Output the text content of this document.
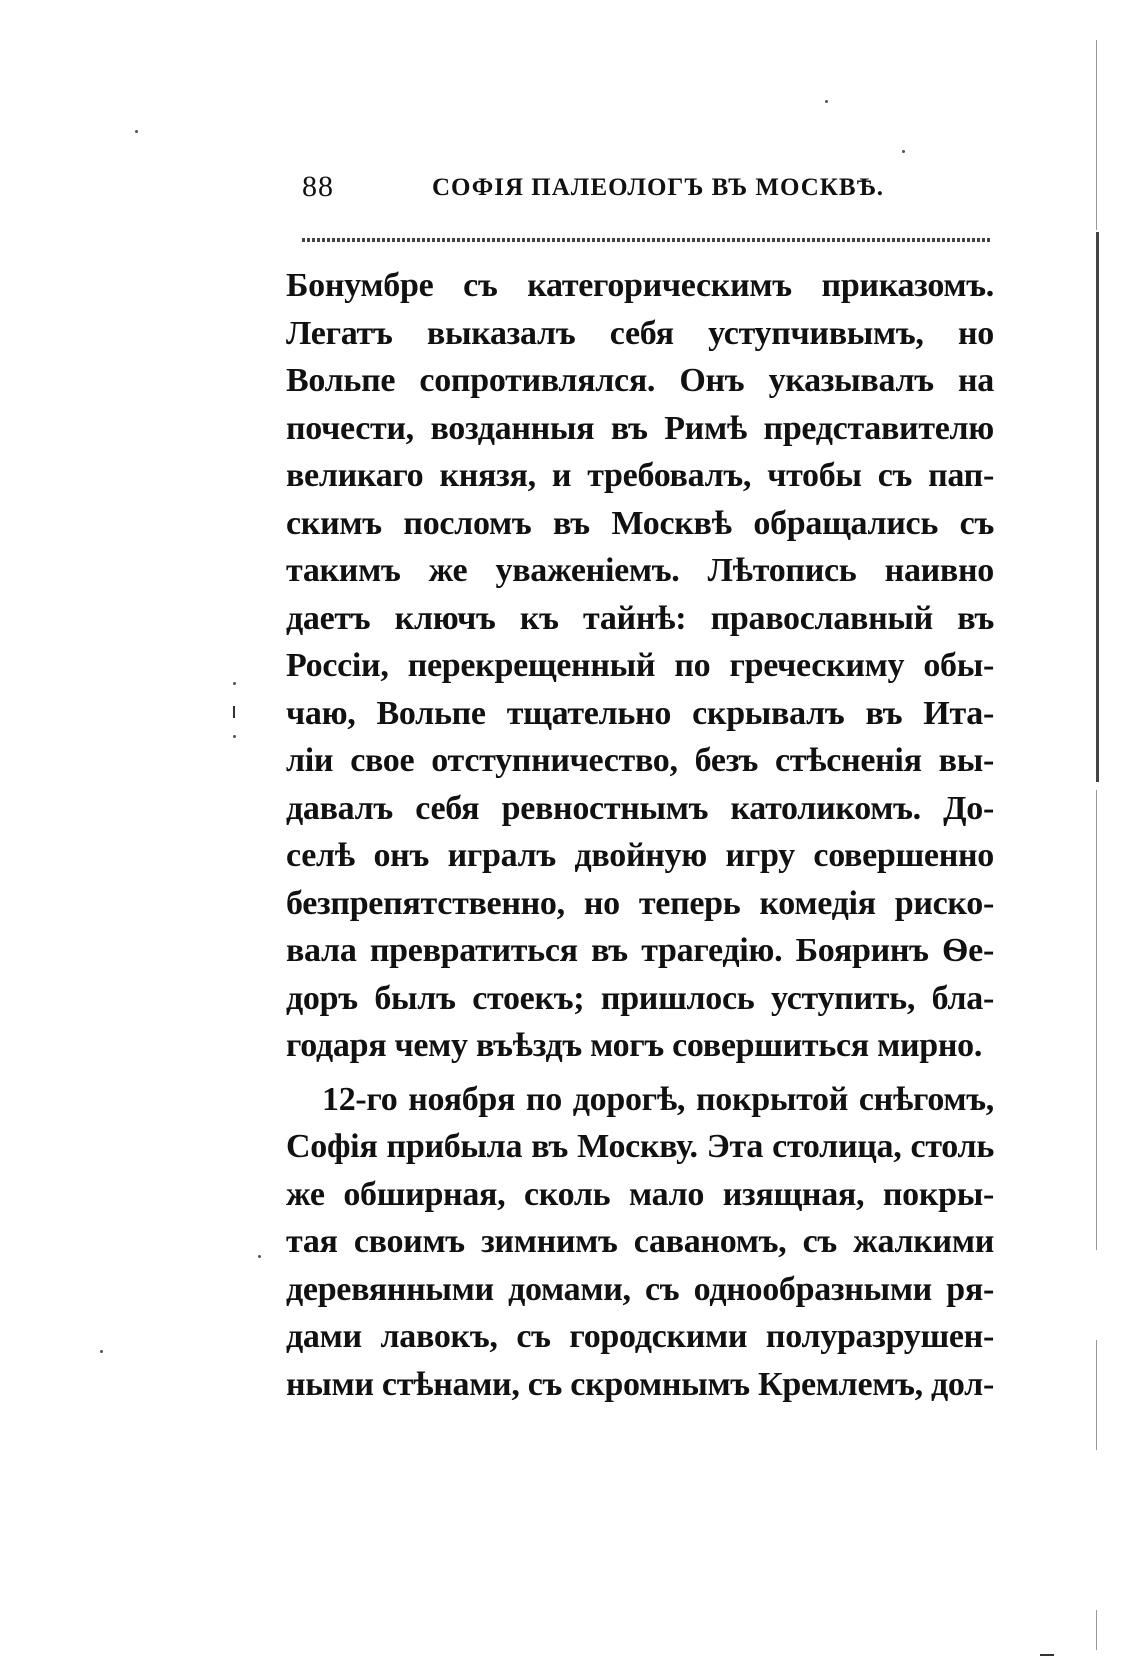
88	СОФІЯ ПАЛЕОЛОГЪ ВЪ МОСКВѢ.
Бонумбре съ категорическимъ приказомъ.
Легатъ выказалъ себя уступчивымъ, но
Вольпе сопротивлялся. Онъ указывалъ на
почести, возданныя въ Римѣ представителю
великаго князя, и требовалъ, чтобы съ пап-
скимъ посломъ въ Москвѣ обращались съ
такимъ же уваженіемъ. Лѣтопись наивно
даетъ ключъ къ тайнѣ: православный въ
Россіи, перекрещенный по греческиму обы-
чаю, Вольпе тщательно скрывалъ въ Ита-
ліи свое отступничество, безъ стѣсненія вы-
давалъ себя ревностнымъ католикомъ. До-
селѣ онъ игралъ двойную игру совершенно
безпрепятственно, но теперь комедія риско-
вала превратиться въ трагедію. Бояринъ Ѳе-
доръ былъ стоекъ; пришлось уступить, бла-
годаря чему въѣздъ могъ совершиться мирно.
12-го ноября по дорогѣ, покрытой снѣгомъ,
Софія прибыла въ Москву. Эта столица, столь
же обширная, сколь мало изящная, покры-
тая своимъ зимнимъ саваномъ, съ жалкими
деревянными домами, съ однообразными ря-
дами лавокъ, съ городскими полуразрушен-
ными стѣнами, съ скромнымъ Кремлемъ, дол-
